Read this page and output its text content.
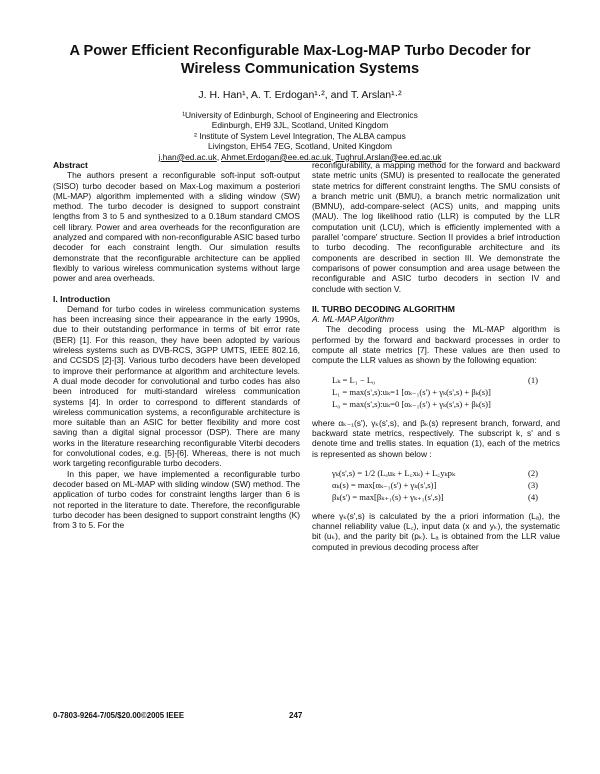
A Power Efficient Reconfigurable Max-Log-MAP Turbo Decoder for Wireless Communication Systems
J. H. Han¹, A. T. Erdogan¹·², and T. Arslan¹·²
¹University of Edinburgh, School of Engineering and Electronics
Edinburgh, EH9 3JL, Scotland, United Kingdom
² Institute of System Level Integration, The ALBA campus
Livingston, EH54 7EG, Scotland, United Kingdom
j.han@ed.ac.uk, Ahmet.Erdogan@ee.ed.ac.uk, Tughrul.Arslan@ee.ed.ac.uk
Abstract

The authors present a reconfigurable soft-input soft-output (SISO) turbo decoder based on Max-Log maximum a posteriori (ML-MAP) algorithm implemented with a sliding window (SW) method. The turbo decoder is designed to support constraint lengths from 3 to 5 and synthesized to a 0.18um standard CMOS cell library. Power and area overheads for the reconfiguration are analyzed and compared with non-reconfigurable ASIC based turbo decoder for each constraint length. Our simulation results demonstrate that the reconfigurable architecture can be applied flexibly to various wireless communication systems without large power and area overheads.

I. Introduction

Demand for turbo codes in wireless communication systems has been increasing since their appearance in the early 1990s, due to their outstanding performance in terms of bit error rate (BER) [1]. For this reason, they have been adopted by various wireless systems such as DVB-RCS, 3GPP UMTS, IEEE 802.16, and CCSDS [2]-[3]. Various turbo decoders have been developed to improve their performance at algorithm and architecture levels. A dual mode decoder for convolutional and turbo codes has also been introduced for multi-standard wireless communication systems [4]. In order to correspond to different standards of wireless communication systems, a reconfigurable architecture is more suitable than an ASIC for better flexibility and more cost saving than a digital signal processor (DSP). There are many works in the literature researching reconfigurable Viterbi decoders for convolutional codes, e.g. [5]-[6]. Whereas, there is not much work targeting reconfigurable turbo decoders.

In this paper, we have implemented a reconfigurable turbo decoder based on ML-MAP with sliding window (SW) method. The application of turbo codes for constraint lengths larger than 6 is not reported in the literature to date. Therefore, the reconfigurable turbo decoder has been designed to support constraint lengths (K) from 3 to 5. For the

reconfigurability, a mapping method for the forward and backward state metric units (SMU) is presented to reallocate the generated state metrics for different constraint lengths. The SMU consists of a branch metric unit (BMU), a branch metric normalization unit (BMNU), add-compare-select (ACS) units, and mapping units (MAU). The log likelihood ratio (LLR) is computed by the LLR computation unit (LCU), which is efficiently implemented with a parallel 'compare' structure. Section II provides a brief introduction to turbo decoding. The reconfigurable architecture and its components are described in section III. We demonstrate the comparisons of power consumption and area usage between the reconfigurable and ASIC turbo decoders in section IV and conclude with section V.

II. TURBO DECODING ALGORITHM
A. ML-MAP Algorithm

The decoding process using the ML-MAP algorithm is performed by the forward and backward processes in order to compute all state metrics [7]. These values are then used to compute the LLR values as shown by the following equation:

Lₖ = L₁ − L₀	(1)
L₁ = max(s',s):uₖ=1 [αₖ₋₁(s') + γₖ(s',s) + βₖ(s)]
L₀ = max(s',s):uₖ=0 [αₖ₋₁(s') + γₖ(s',s) + βₖ(s)]

where αₖ₋₁(s'), γₖ(s',s), and βₖ(s) represent branch, forward, and backward state metrics, respectively. The subscript k, s' and s denote time and trellis states. In equation (1), each of the metrics is represented as shown below :

γₖ(s',s) = 1/2 (Lₐuₖ + L꜀xₖ) + L꜀yₖpₖ	(2)
αₖ(s) = max[αₖ₋₁(s') + γₖ(s',s)]	(3)
βₖ(s') = max[βₖ₊₁(s) + γₖ₊₁(s',s)]	(4)

where γₖ(s',s) is calculated by the a priori information (Lₐ), the channel reliability value (L꜀), input data (x and yₖ), the systematic bit (uₖ), and the parity bit (pₖ). Lₐ is obtained from the LLR value computed in previous decoding process after

0-7803-9264-7/05/$20.00©2005 IEEE	247
